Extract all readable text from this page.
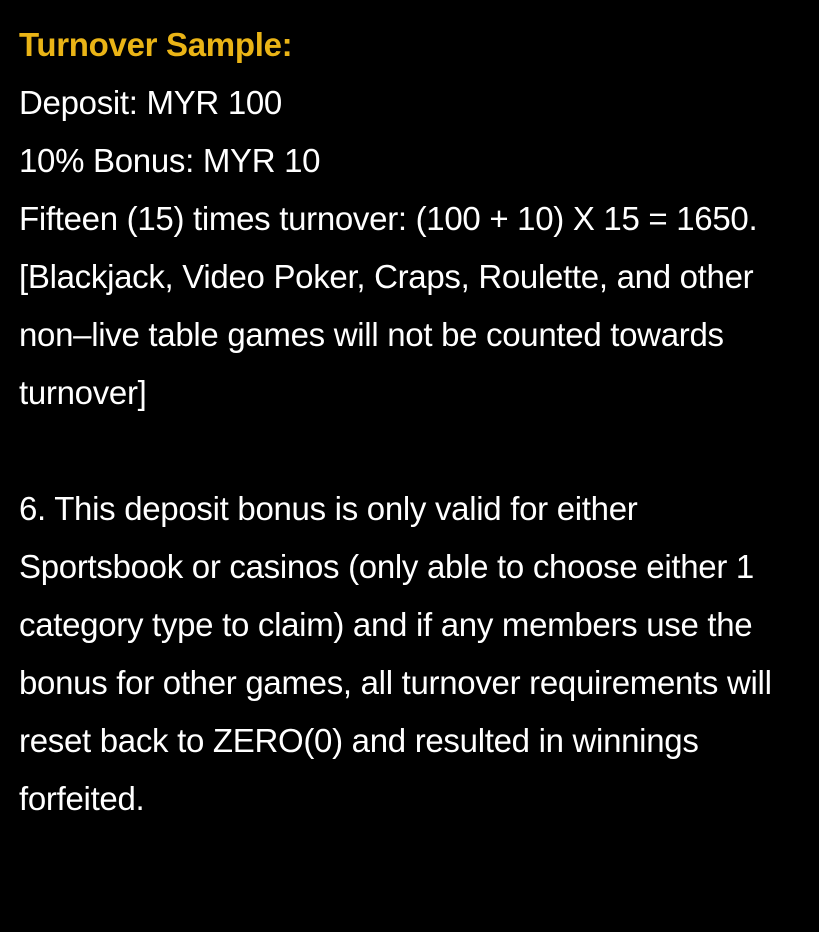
Turnover Sample:

Deposit: MYR 100

10% Bonus: MYR 10

Fifteen (15) times turnover: (100 + 10) X 15 = 1650.

[Blackjack, Video Poker, Craps, Roulette, and other non–live table games will not be counted towards turnover]

6. This deposit bonus is only valid for either Sportsbook or casinos (only able to choose either 1 category type to claim) and if any members use the bonus for other games, all turnover requirements will reset back to ZERO(0) and resulted in winnings forfeited.
